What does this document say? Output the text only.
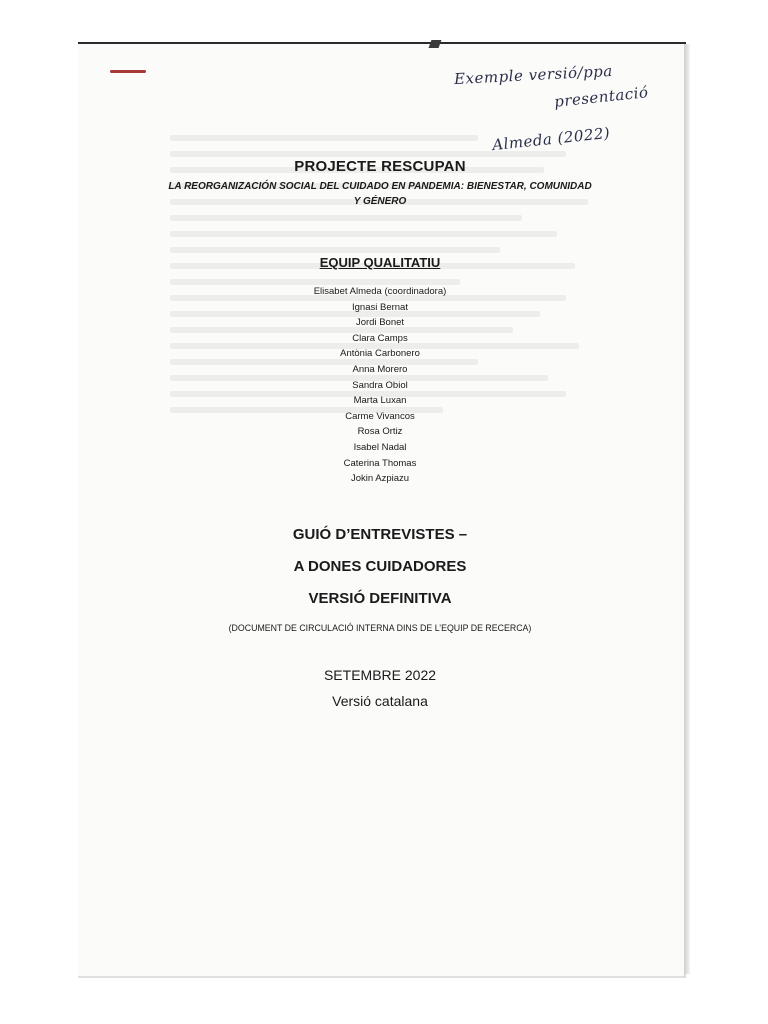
Exemple versió/ppa
presentació
Almeda (2022)
PROJECTE RESCUPAN

LA REORGANIZACIÓN SOCIAL DEL CUIDADO EN PANDEMIA: BIENESTAR, COMUNIDAD
Y GÉNERO

EQUIP QUALITATIU
Elisabet Almeda (coordinadora)
Ignasi Bernat
Jordi Bonet
Clara Camps
Antònia Carbonero
Anna Morero
Sandra Obiol
Marta Luxan
Carme Vivancos
Rosa Ortiz
Isabel Nadal
Caterina Thomas
Jokin Azpiazu

GUIÓ D’ENTREVISTES –

A DONES CUIDADORES

VERSIÓ DEFINITIVA

(DOCUMENT DE CIRCULACIÓ INTERNA DINS DE L’EQUIP DE RECERCA)
SETEMBRE 2022
Versió catalana
